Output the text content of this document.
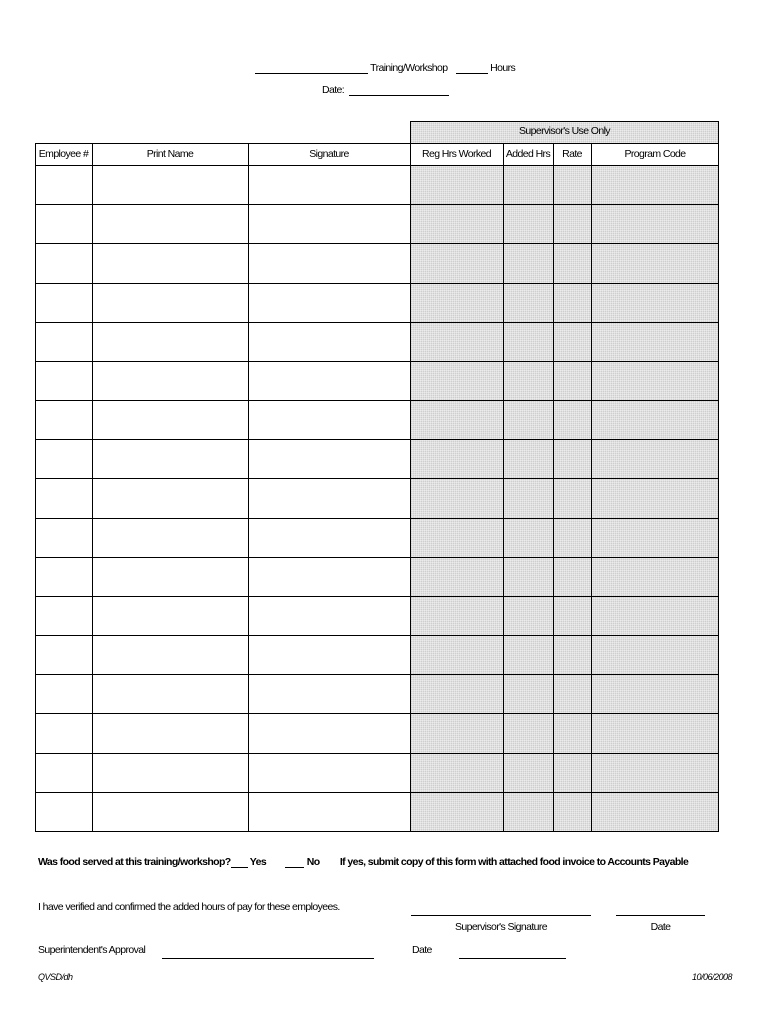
Training/Workshop	Hours
Date:
Supervisor's Use Only
Employee #	Print Name	Signature	Reg Hrs Worked	Added Hrs	Rate	Program Code
Was food served at this training/workshop? Yes	No If yes, submit copy of this form with attached food invoice to Accounts Payable
I have verified and confirmed the added hours of pay for these employees.
Supervisor's Signature	Date
Superintendent's Approval	Date
QVSD/dh	10/06/2008
